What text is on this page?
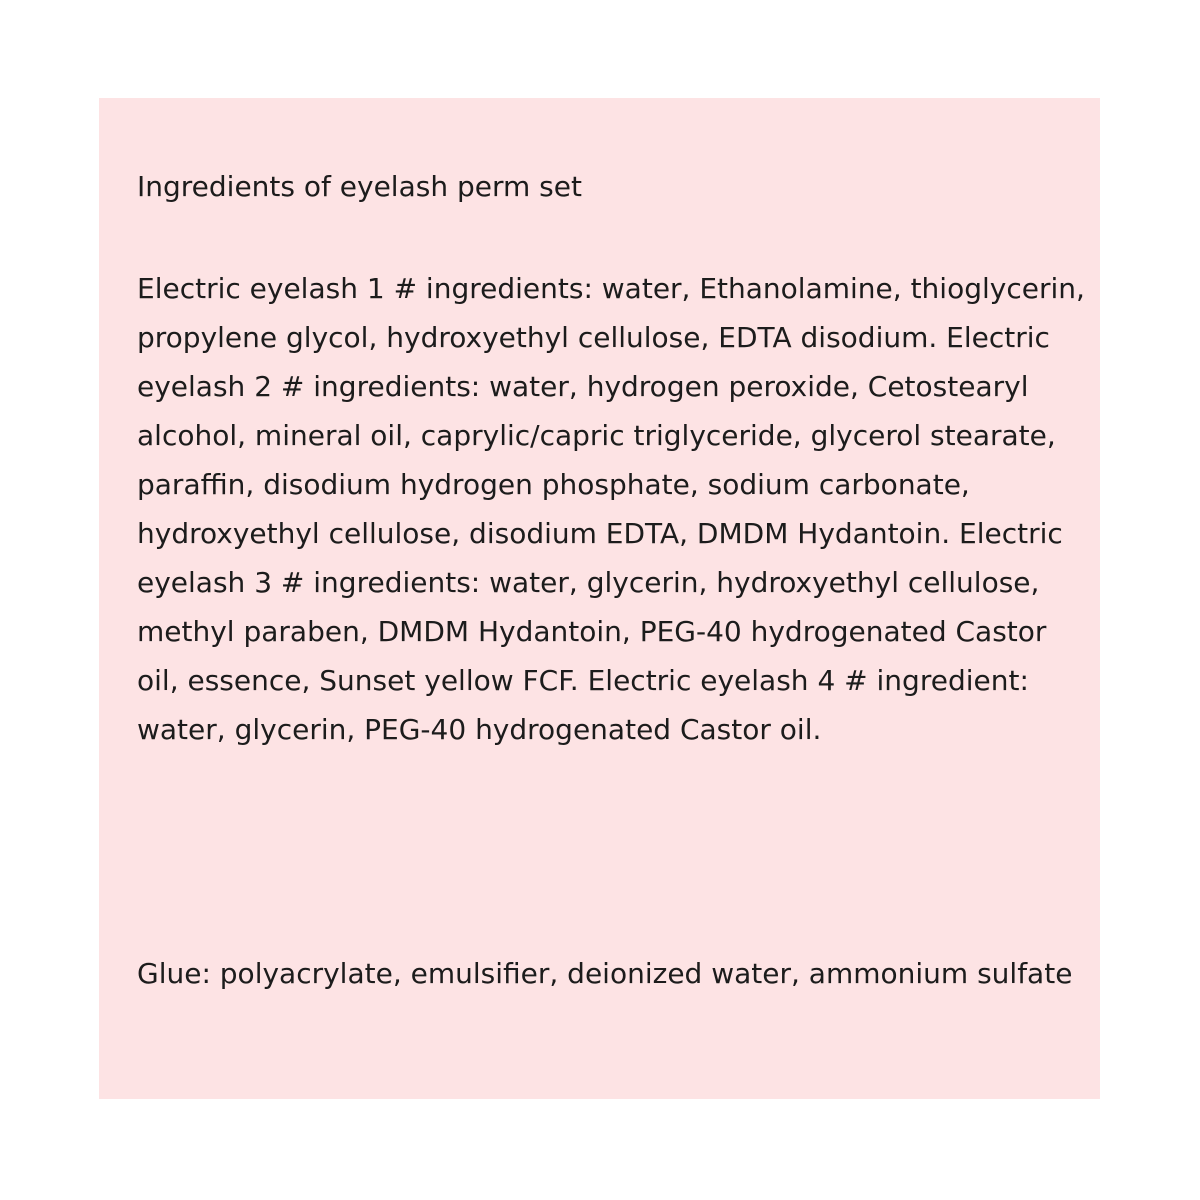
Ingredients of eyelash perm set

Electric eyelash 1 # ingredients: water, Ethanolamine, thioglycerin, propylene glycol, hydroxyethyl cellulose, EDTA disodium. Electric eyelash 2 # ingredients: water, hydrogen peroxide, Cetostearyl alcohol, mineral oil, caprylic/capric triglyceride, glycerol stearate, paraffin, disodium hydrogen phosphate, sodium carbonate, hydroxyethyl cellulose, disodium EDTA, DMDM Hydantoin. Electric eyelash 3 # ingredients: water, glycerin, hydroxyethyl cellulose, methyl paraben, DMDM Hydantoin, PEG-40 hydrogenated Castor oil, essence, Sunset yellow FCF. Electric eyelash 4 # ingredient: water, glycerin, PEG-40 hydrogenated Castor oil.

Glue: polyacrylate, emulsifier, deionized water, ammonium sulfate
